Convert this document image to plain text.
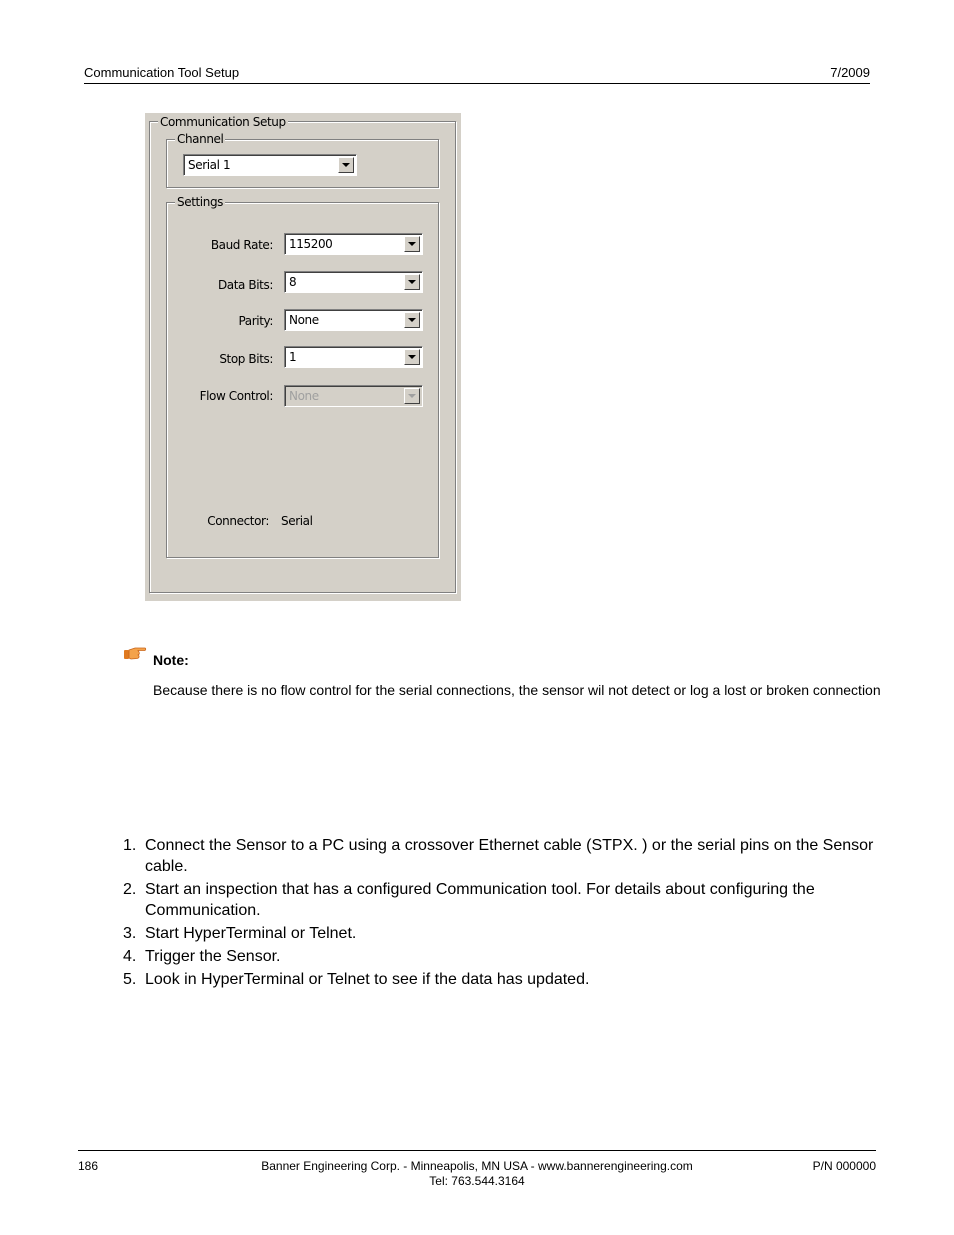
Communication Tool Setup	7/2009
Communication Setup
Channel
Serial 1
Settings
Baud Rate: 115200
Data Bits: 8
Parity: None
Stop Bits: 1
Flow Control: None
Connector: Serial
Note:
Because there is no flow control for the serial connections, the sensor wil not detect or log a lost or broken connection
1. Connect the Sensor to a PC using a crossover Ethernet cable (STPX. ) or the serial pins on the Sensor cable.
2. Start an inspection that has a configured Communication tool. For details about configuring the Communication.
3. Start HyperTerminal or Telnet.
4. Trigger the Sensor.
5. Look in HyperTerminal or Telnet to see if the data has updated.
186	Banner Engineering Corp. - Minneapolis, MN USA - www.bannerengineering.com
Tel: 763.544.3164
P/N 000000
